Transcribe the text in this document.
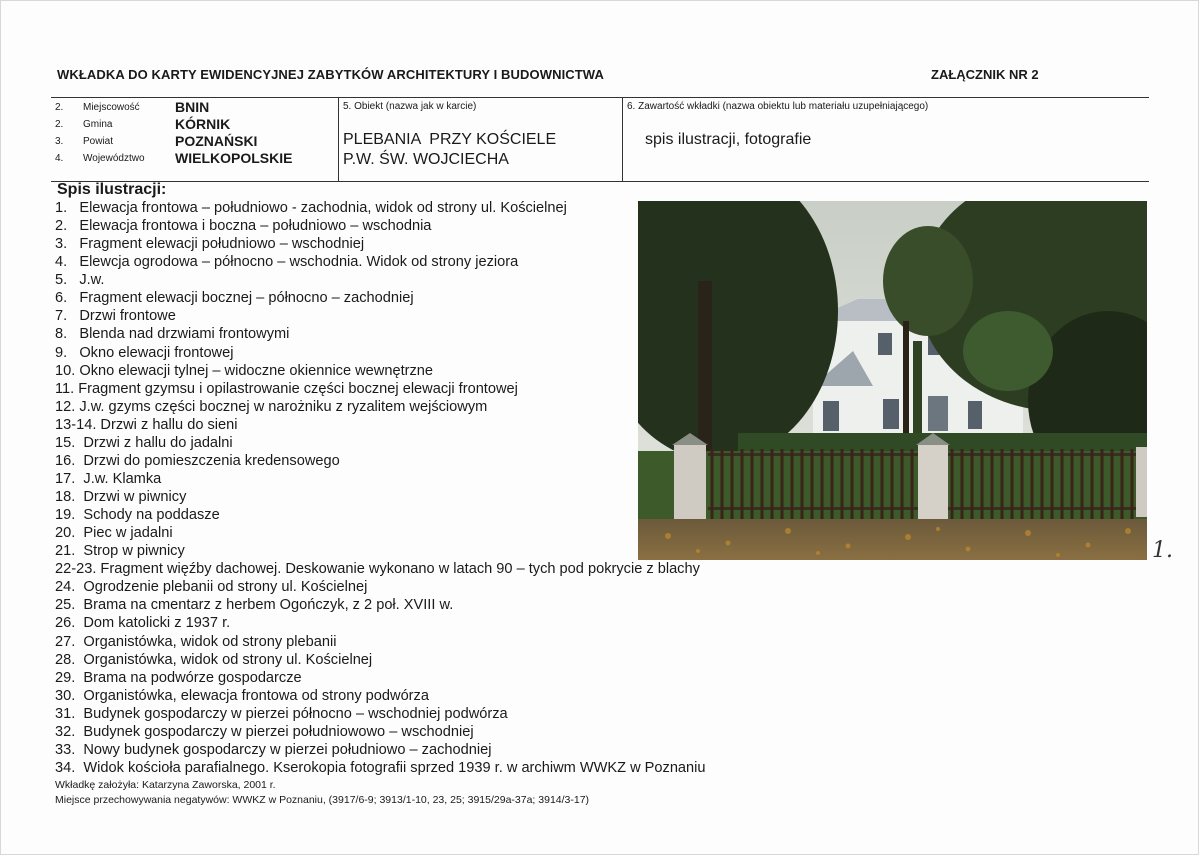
WKŁADKA DO KARTY EWIDENCYJNEJ ZABYTKÓW ARCHITEKTURY I BUDOWNICTWA	ZAŁĄCZNIK NR 2
2. Miejscowość	BNIN
2. Gmina	KÓRNIK
3. Powiat	POZNAŃSKI
4. Województwo WIELKOPOLSKIE
5. Obiekt (nazwa jak w karcie)
PLEBANIA  PRZY KOŚCIELE
P.W. ŚW. WOJCIECHA
6. Zawartość wkładki (nazwa obiektu lub materiału uzupełniającego)
spis ilustracji, fotografie
Spis ilustracji:
1.   Elewacja frontowa – południowo - zachodnia, widok od strony ul. Kościelnej
2.   Elewacja frontowa i boczna – południowo – wschodnia
3.   Fragment elewacji południowo – wschodniej
4.   Elewcja ogrodowa – północno – wschodnia. Widok od strony jeziora
5.   J.w.
6.   Fragment elewacji bocznej – północno – zachodniej
7.   Drzwi frontowe
8.   Blenda nad drzwiami frontowymi
9.   Okno elewacji frontowej
10. Okno elewacji tylnej – widoczne okiennice wewnętrzne
11. Fragment gzymsu i opilastrowanie części bocznej elewacji frontowej
12. J.w. gzyms części bocznej w narożniku z ryzalitem wejściowym
13-14. Drzwi z hallu do sieni
15.  Drzwi z hallu do jadalni
16.  Drzwi do pomieszczenia kredensowego
17.  J.w. Klamka
18.  Drzwi w piwnicy
19.  Schody na poddasze
20.  Piec w jadalni
21.  Strop w piwnicy
22-23. Fragment więźby dachowej. Deskowanie wykonano w latach 90 – tych pod pokrycie z blachy
24.  Ogrodzenie plebanii od strony ul. Kościelnej
25.  Brama na cmentarz z herbem Ogończyk, z 2 poł. XVIII w.
26.  Dom katolicki z 1937 r.
27.  Organistówka, widok od strony plebanii
28.  Organistówka, widok od strony ul. Kościelnej
29.  Brama na podwórze gospodarcze
30.  Organistówka, elewacja frontowa od strony podwórza
31.  Budynek gospodarczy w pierzei północno – wschodniej podwórza
32.  Budynek gospodarczy w pierzei południowowo – wschodniej
33.  Nowy budynek gospodarczy w pierzei południowo – zachodniej
34.  Widok kościoła parafialnego. Kserokopia fotografii sprzed 1939 r. w archiwm WWKZ w Poznaniu
Wkładkę założyła: Katarzyna Zaworska, 2001 r.
Miejsce przechowywania negatywów: WWKZ w Poznaniu, (3917/6-9; 3913/1-10, 23, 25; 3915/29a-37a; 3914/3-17)
1.
